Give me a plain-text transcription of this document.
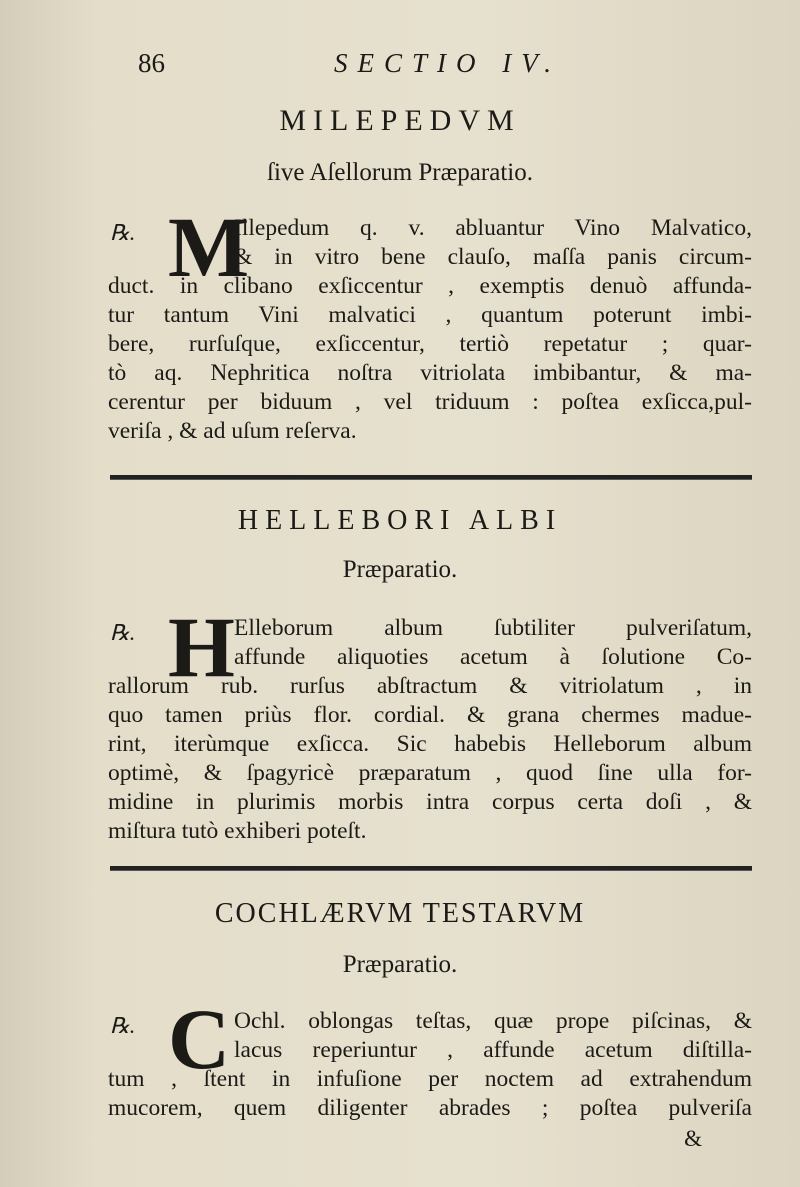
86	SECTIO IV.
MILEPEDVM
ſive Aſellorum Præparatio.
℞. M
Illepedum q. v. abluantur Vino Malvatico,
& in vitro bene clauſo, maſſa panis circum-
duct. in clibano exſiccentur , exemptis denuò affunda-
tur tantum Vini malvatici , quantum poterunt imbi-
bere, rurſuſque, exſiccentur, tertiò repetatur ; quar-
tò aq. Nephritica noſtra vitriolata imbibantur, & ma-
cerentur per biduum , vel triduum : poſtea exſicca,pul-
veriſa , & ad uſum reſerva.
HELLEBORI ALBI
Præparatio.
℞. H Elleborum album ſubtiliter pulveriſatum,
affunde aliquoties acetum à ſolutione Co-
rallorum rub. rurſus abſtractum & vitriolatum , in
quo tamen priùs flor. cordial. & grana chermes madue-
rint, iterùmque exſicca. Sic habebis Helleborum album
optimè, & ſpagyricè præparatum , quod ſine ulla for-
midine in plurimis morbis intra corpus certa doſi , &
miſtura tutò exhiberi poteſt.
COCHLÆRVM TESTARVM
Præparatio.
℞. C Ochl. oblongas teſtas, quæ prope piſcinas, &
lacus reperiuntur , affunde acetum diſtilla-
tum , ſtent in infuſione per noctem ad extrahendum
mucorem, quem diligenter abrades ; poſtea pulveriſa
&
